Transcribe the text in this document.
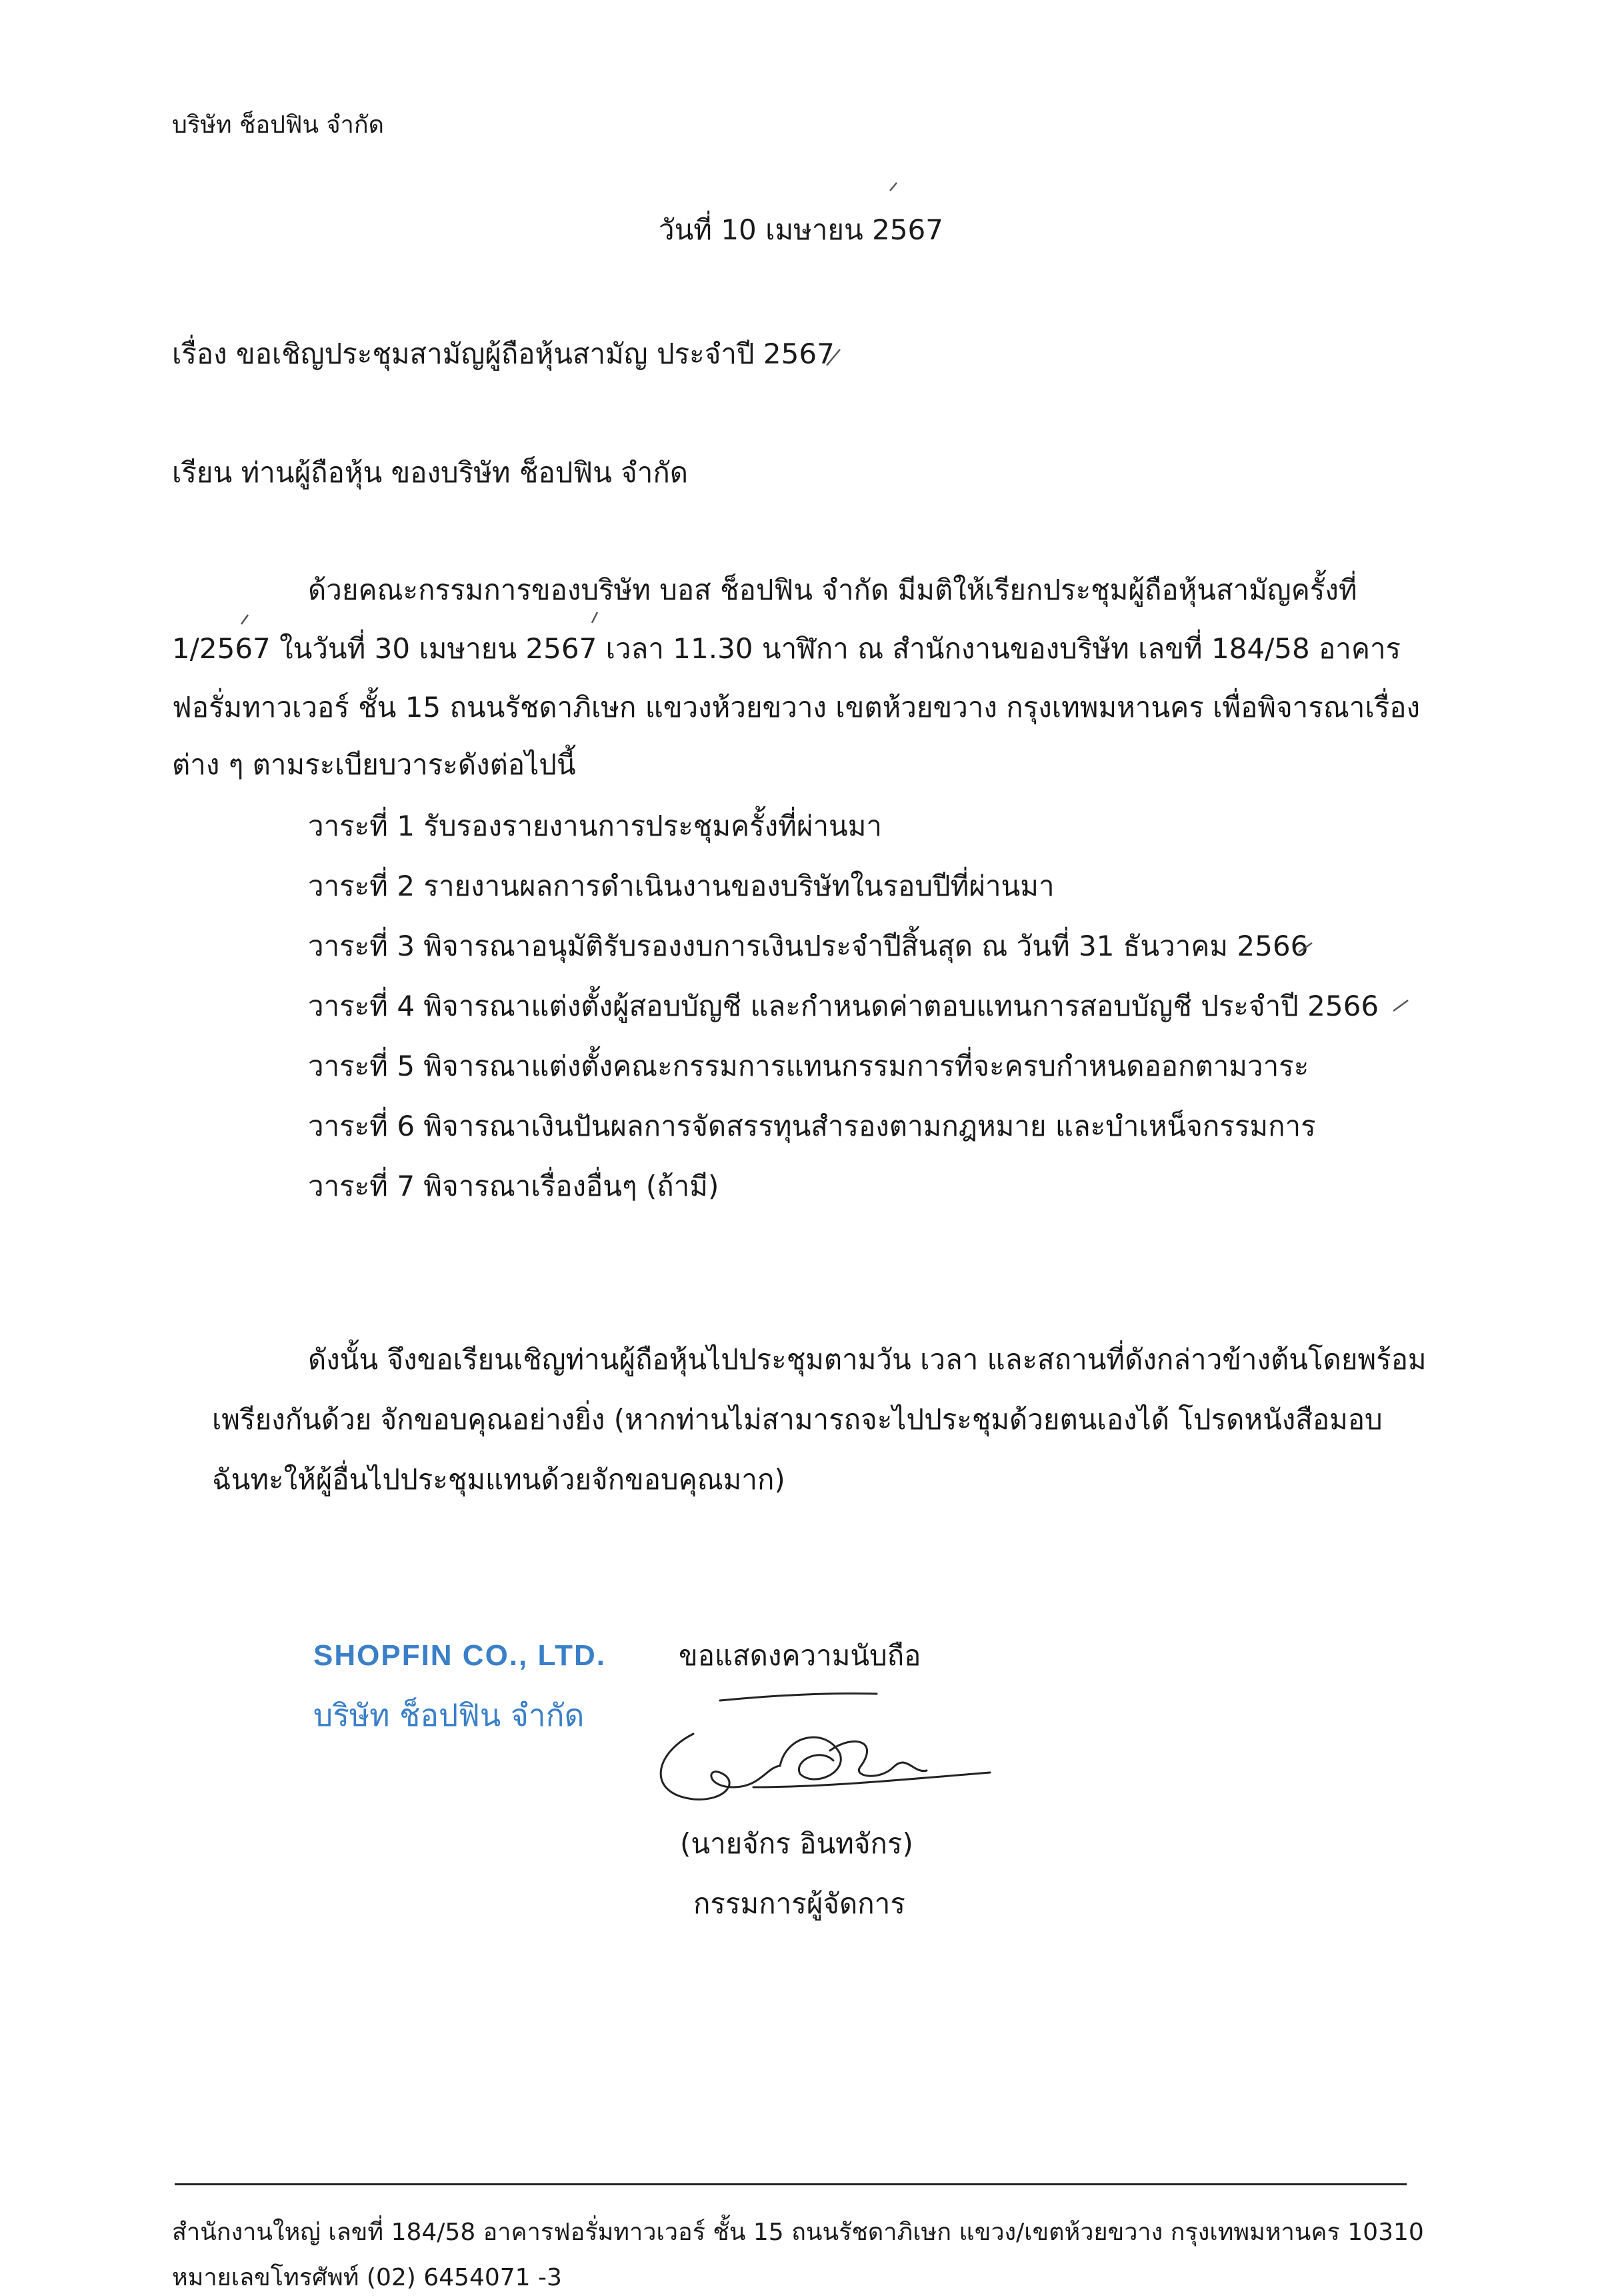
บริษัท ช็อปฟิน จำกัด
วันที่ 10 เมษายน 2567
เรื่อง ขอเชิญประชุมสามัญผู้ถือหุ้นสามัญ ประจำปี 2567
เรียน ท่านผู้ถือหุ้น ของบริษัท ช็อปฟิน จำกัด
ด้วยคณะกรรมการของบริษัท บอส ช็อปฟิน จำกัด มีมติให้เรียกประชุมผู้ถือหุ้นสามัญครั้งที่
1/2567 ในวันที่ 30 เมษายน 2567 เวลา 11.30 นาฬิกา ณ สำนักงานของบริษัท เลขที่ 184/58 อาคาร
ฟอรั่มทาวเวอร์ ชั้น 15 ถนนรัชดาภิเษก แขวงห้วยขวาง เขตห้วยขวาง กรุงเทพมหานคร เพื่อพิจารณาเรื่อง
ต่าง ๆ ตามระเบียบวาระดังต่อไปนี้
วาระที่ 1 รับรองรายงานการประชุมครั้งที่ผ่านมา
วาระที่ 2 รายงานผลการดำเนินงานของบริษัทในรอบปีที่ผ่านมา
วาระที่ 3 พิจารณาอนุมัติรับรองงบการเงินประจำปีสิ้นสุด ณ วันที่ 31 ธันวาคม 2566
วาระที่ 4 พิจารณาแต่งตั้งผู้สอบบัญชี และกำหนดค่าตอบแทนการสอบบัญชี ประจำปี 2566
วาระที่ 5 พิจารณาแต่งตั้งคณะกรรมการแทนกรรมการที่จะครบกำหนดออกตามวาระ
วาระที่ 6 พิจารณาเงินปันผลการจัดสรรทุนสำรองตามกฎหมาย และบำเหน็จกรรมการ
วาระที่ 7 พิจารณาเรื่องอื่นๆ (ถ้ามี)
ดังนั้น จึงขอเรียนเชิญท่านผู้ถือหุ้นไปประชุมตามวัน เวลา และสถานที่ดังกล่าวข้างต้นโดยพร้อม
เพรียงกันด้วย จักขอบคุณอย่างยิ่ง (หากท่านไม่สามารถจะไปประชุมด้วยตนเองได้ โปรดหนังสือมอบ
ฉันทะให้ผู้อื่นไปประชุมแทนด้วยจักขอบคุณมาก)
SHOPFIN CO., LTD.
บริษัท ช็อปฟิน จำกัด
ขอแสดงความนับถือ
(นายจักร อินทจักร)
กรรมการผู้จัดการ
สำนักงานใหญ่ เลขที่ 184/58 อาคารฟอรั่มทาวเวอร์ ชั้น 15 ถนนรัชดาภิเษก แขวง/เขตห้วยขวาง กรุงเทพมหานคร 10310
หมายเลขโทรศัพท์ (02) 6454071 -3
